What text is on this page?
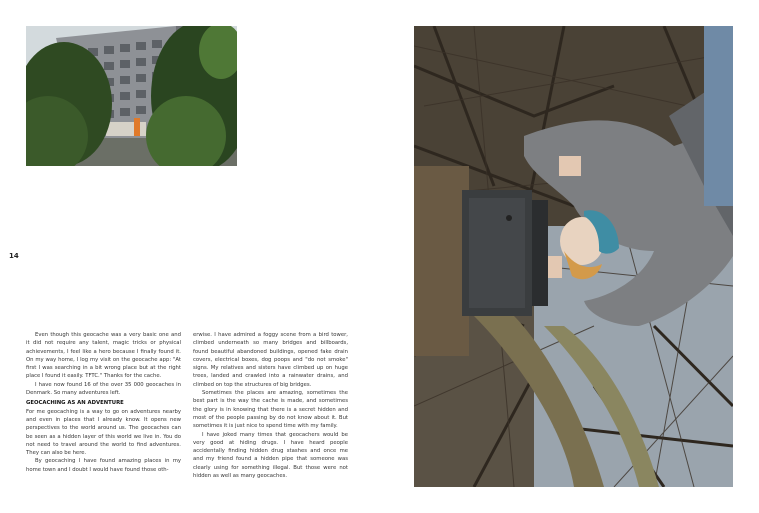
14

Even though this geocache was a very basic one and it did not require any talent, magic tricks or physical achievements, I feel like a hero because I finally found it. On my way home, I log my visit on the geocache app: "At first I was searching in a bit wrong place but at the right place I found it easily. TFTC." Thanks for the cache.

I have now found 16 of the over 35 000 geocaches in Denmark. So many adventures left.

GEOCACHING AS AN ADVENTURE

For me geocaching is a way to go on adventures nearby and even in places that I already know. It opens new perspectives to the world around us. The geocaches can be seen as a hidden layer of this world we live in. You do not need to travel around the world to find adventures. They can also be here.

By geocaching I have found amazing places in my home town and I doubt I would have found those oth-

erwise. I have admired a foggy scene from a bird tower, climbed underneath so many bridges and billboards, found beautiful abandoned buildings, opened fake drain covers, electrical boxes, dog poops and "do not smoke" signs. My relatives and sisters have climbed up on huge trees, landed and crawled into a rainwater drains, and climbed on top the structures of big bridges.

Sometimes the places are amazing, sometimes the best part is the way the cache is made, and sometimes the glory is in knowing that there is a secret hidden and most of the people passing by do not know about it. But sometimes it is just nice to spend time with my family.

I have joked many times that geocachers would be very good at hiding drugs. I have heard people accidentally finding hidden drug stashes and once me and my friend found a hidden pipe that someone was clearly using for something illegal. But those were not hidden as well as many geocaches.
